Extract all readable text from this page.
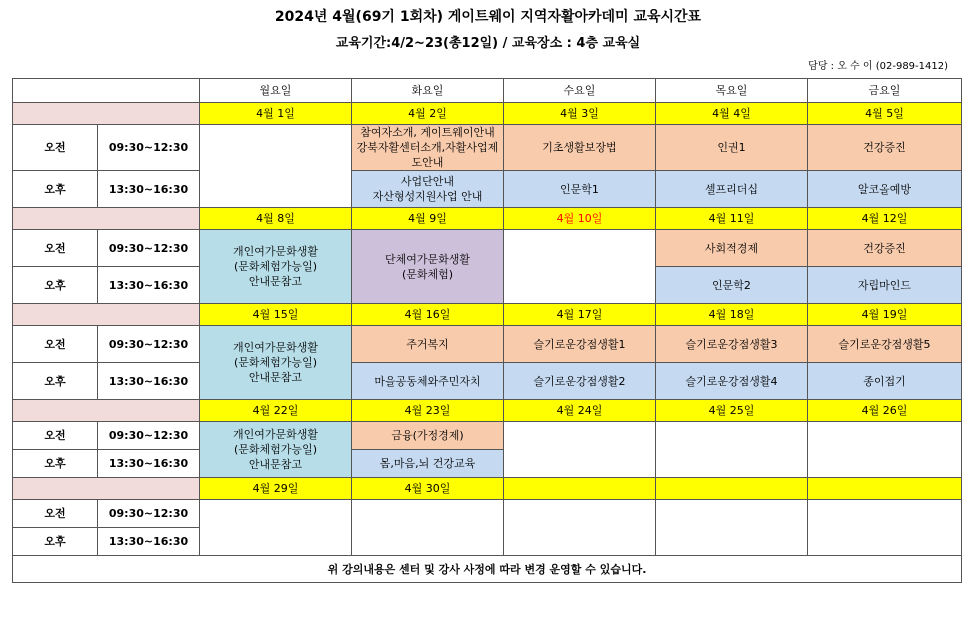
2024년 4월(69기 1회차) 게이트웨이 지역자활아카데미 교육시간표
교육기간:4/2~23(총12일) / 교육장소 : 4층 교육실
담당 : 오 수 이 (02-989-1412)
		월요일	화요일	수요일	목요일	금요일
		4월 1일	4월 2일	4월 3일	4월 4일	4월 5일
오전	09:30~12:30		참여자소개, 게이트웨이안내
강북자활센터소개,자활사업제도안내	기초생활보장법	인권1	건강증진
오후	13:30~16:30		사업단안내
자산형성지원사업 안내	인문학1	셀프리더십	알코올예방
		4월 8일	4월 9일	4월 10일	4월 11일	4월 12일
오전	09:30~12:30	개인여가문화생활
(문화체험가능일)
안내문참고	단체여가문화생활
(문화체험)		사회적경제	건강증진
오후	13:30~16:30				인문학2	자립마인드
		4월 15일	4월 16일	4월 17일	4월 18일	4월 19일
오전	09:30~12:30	개인여가문화생활
(문화체험가능일)
안내문참고	주거복지	슬기로운강점생활1	슬기로운강점생활3	슬기로운강점생활5
오후	13:30~16:30		마을공동체와주민자치	슬기로운강점생활2	슬기로운강점생활4	종이접기
		4월 22일	4월 23일	4월 24일	4월 25일	4월 26일
오전	09:30~12:30	개인여가문화생활
(문화체험가능일)
안내문참고	금융(가정경제)			
오후	13:30~16:30		몸,마음,뇌 건강교육			
		4월 29일	4월 30일			
오전	09:30~12:30					
오후	13:30~16:30					
위 강의내용은 센터 및 강사 사정에 따라 변경 운영할 수 있습니다.						
